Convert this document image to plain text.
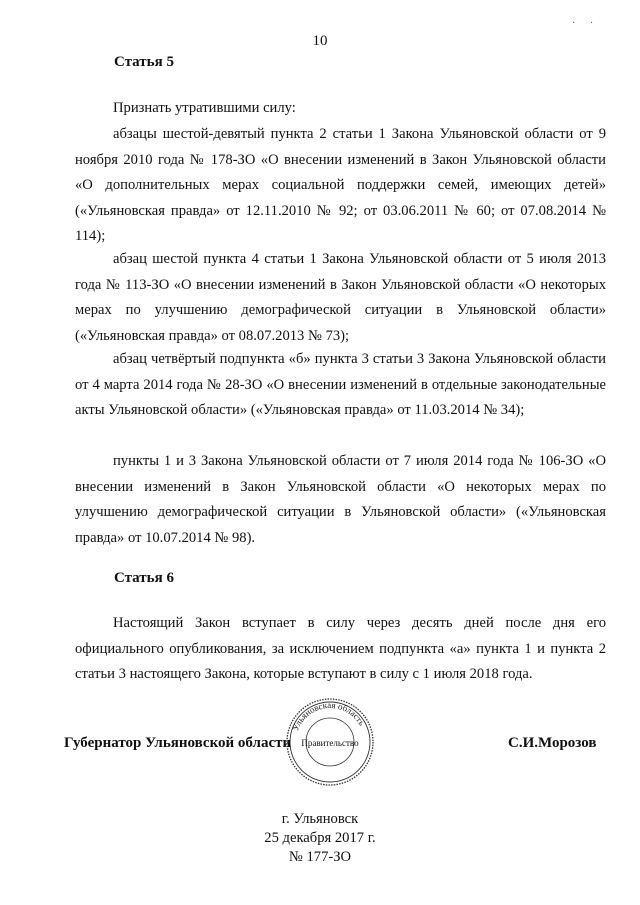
· ·
10
Статья 5

Признать утратившими силу:

абзацы шестой-девятый пункта 2 статьи 1 Закона Ульяновской области от 9 ноября 2010 года № 178-ЗО «О внесении изменений в Закон Ульяновской области «О дополнительных мерах социальной поддержки семей, имеющих детей» («Ульяновская правда» от 12.11.2010 № 92; от 03.06.2011 № 60; от 07.08.2014 № 114);

абзац шестой пункта 4 статьи 1 Закона Ульяновской области от 5 июля 2013 года № 113-ЗО «О внесении изменений в Закон Ульяновской области «О некоторых мерах по улучшению демографической ситуации в Ульяновской области» («Ульяновская правда» от 08.07.2013 № 73);

абзац четвёртый подпункта «б» пункта 3 статьи 3 Закона Ульяновской области от 4 марта 2014 года № 28-ЗО «О внесении изменений в отдельные законодательные акты Ульяновской области» («Ульяновская правда» от 11.03.2014 № 34);

пункты 1 и 3 Закона Ульяновской области от 7 июля 2014 года № 106-ЗО «О внесении изменений в Закон Ульяновской области «О некоторых мерах по улучшению демографической ситуации в Ульяновской области» («Ульяновская правда» от 10.07.2014 № 98).

Статья 6

Настоящий Закон вступает в силу через десять дней после дня его официального опубликования, за исключением подпункта «а» пункта 1 и пункта 2 статьи 3 настоящего Закона, которые вступают в силу с 1 июля 2018 года.

Ульяновская область
Правительство
Губернатор Ульяновской области	С.И.Морозов
г. Ульяновск
25 декабря 2017 г.
№ 177-ЗО
